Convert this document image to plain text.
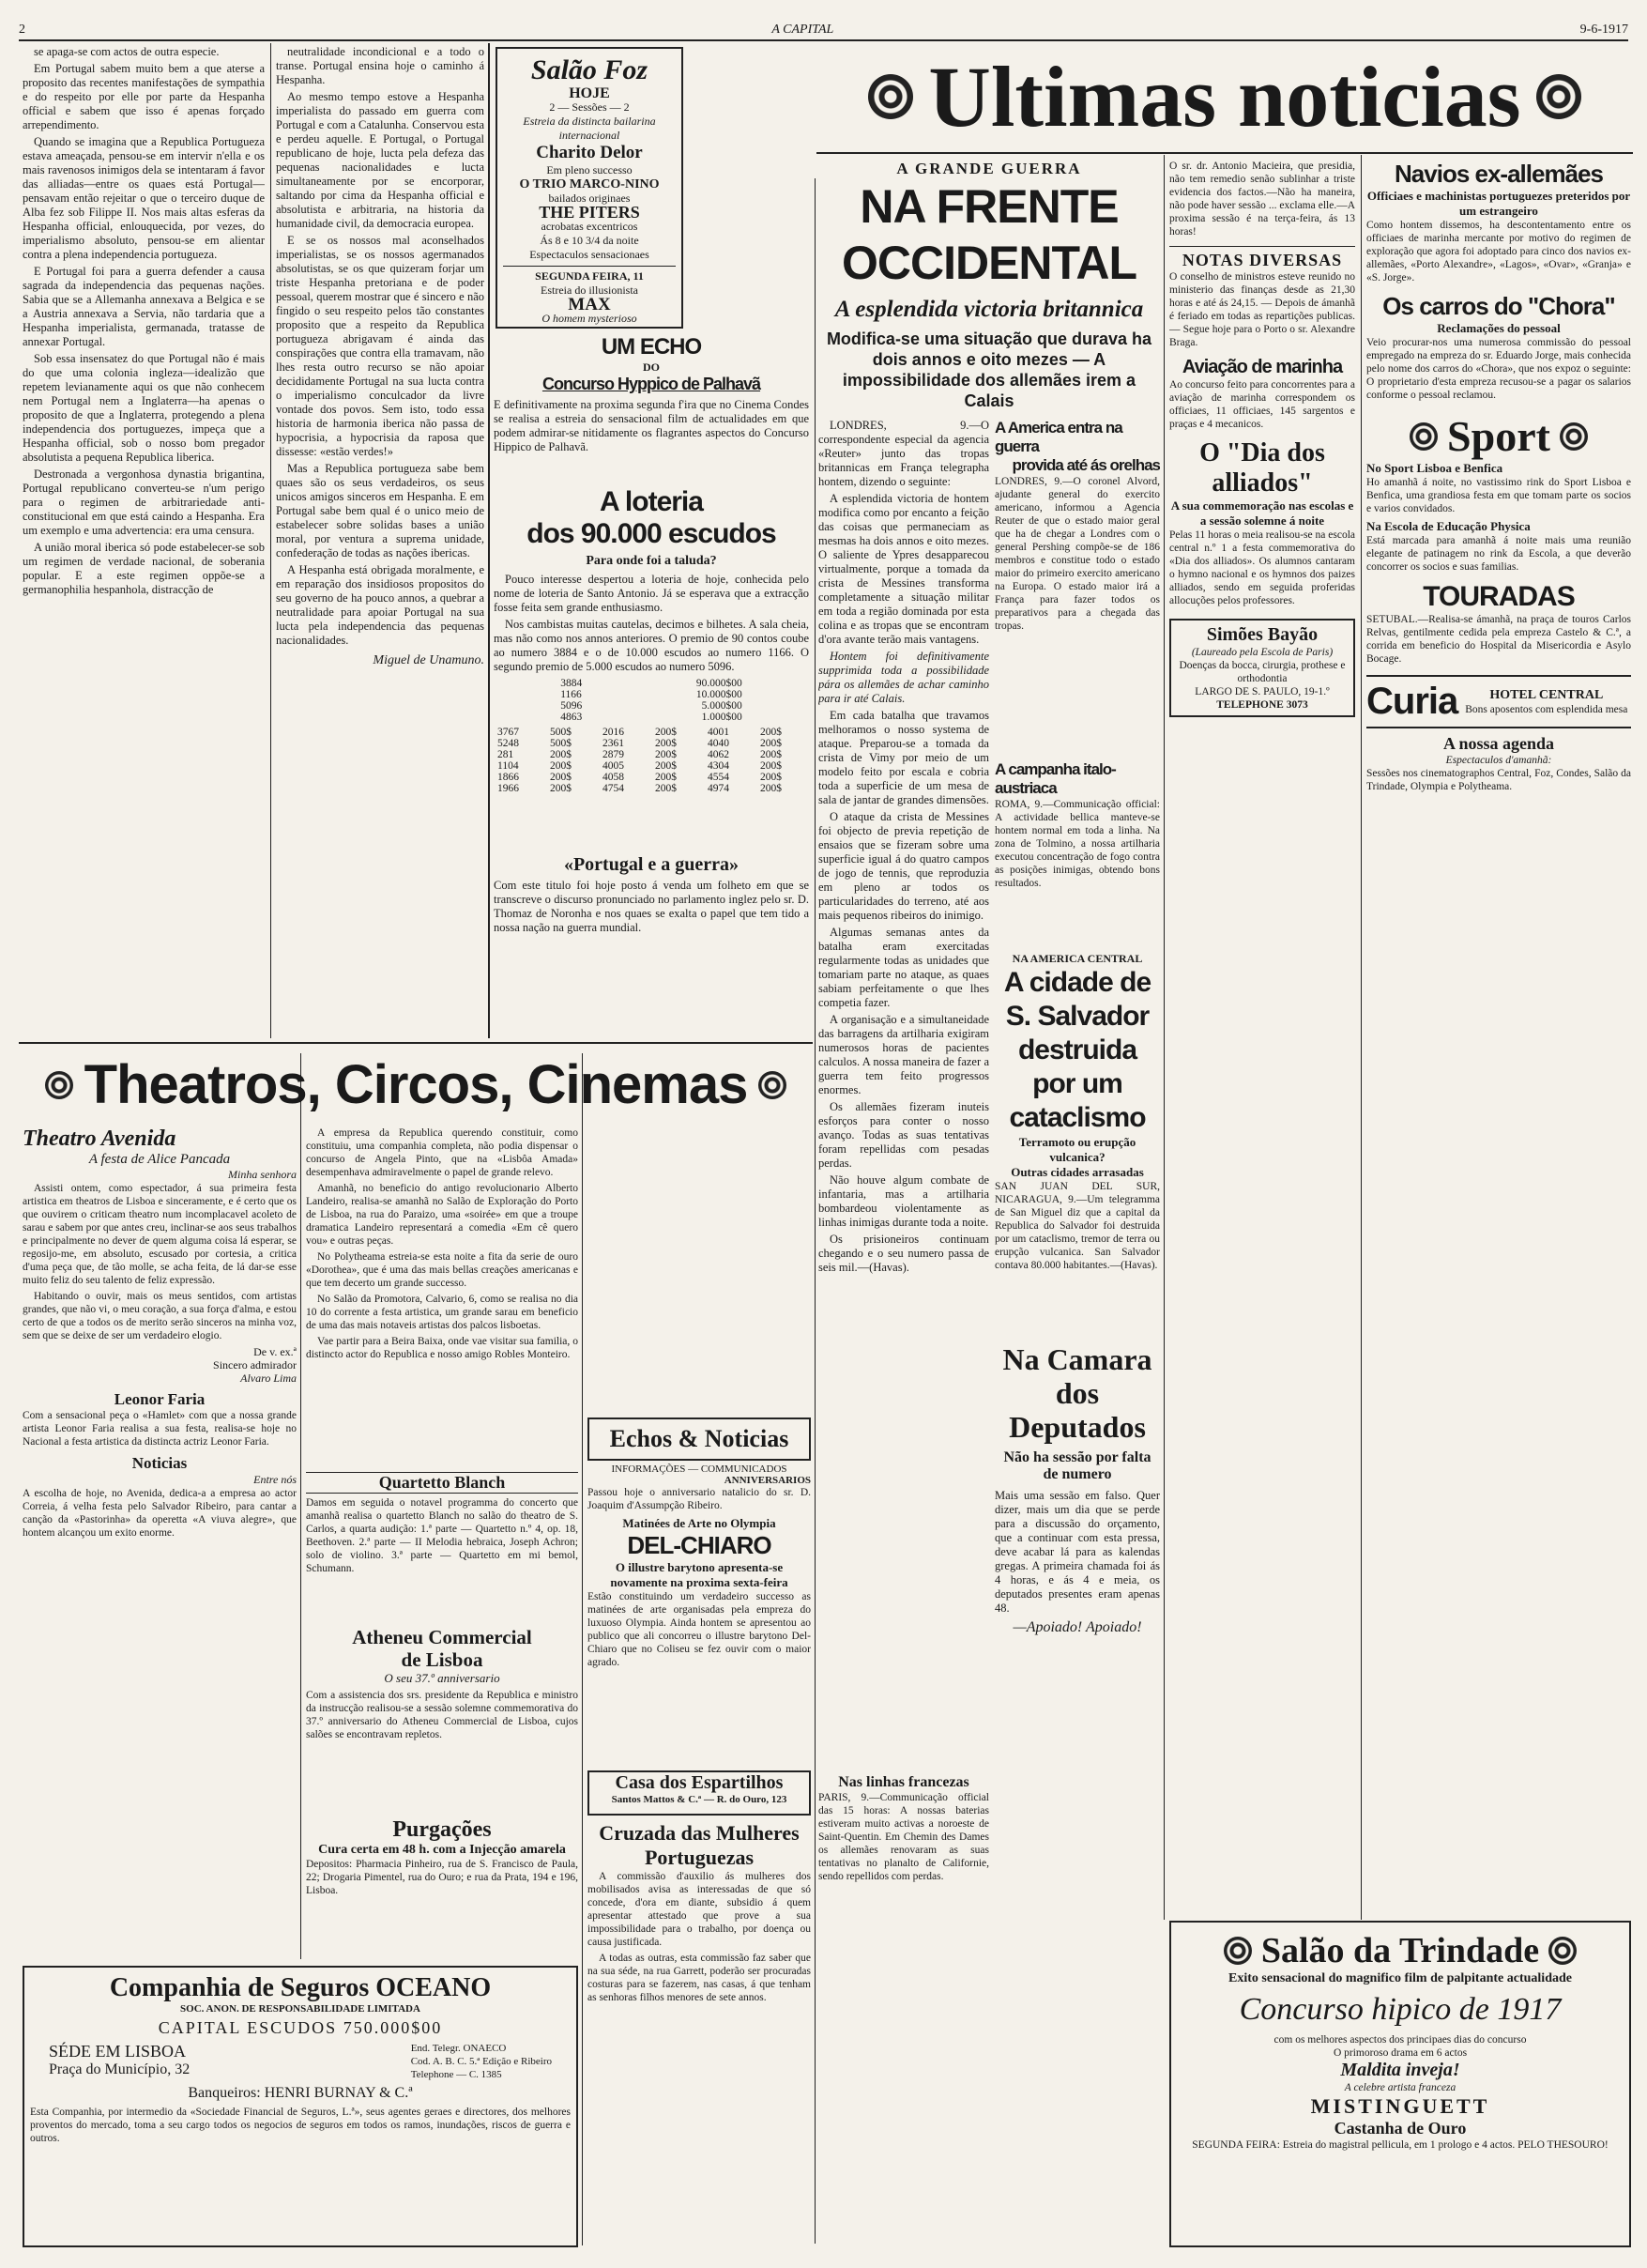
2	A CAPITAL	9-6-1917

se apaga-se com actos de outra especie.

Em Portugal sabem muito bem a que aterse a proposito das recentes manifestações de sympathia e do respeito por elle por parte da Hespanha official e sabem que isso é apenas forçado arrependimento.

Quando se imagina que a Republica Portugueza estava ameaçada, pensou-se em intervir n'ella e os mais ravenosos inimigos dela se intentaram á favor das alliadas—entre os quaes está Portugal—pensavam então rejeitar o que o terceiro duque de Alba fez sob Filippe II. Nos mais altas esferas da Hespanha official, enlouquecida, por vezes, do imperialismo absoluto, pensou-se em alientar contra a plena independencia portugueza.

E Portugal foi para a guerra defender a causa sagrada da independencia das pequenas nações. Sabia que se a Allemanha annexava a Belgica e se a Austria annexava a Servia, não tardaria que a Hespanha imperialista, germanada, tratasse de annexar Portugal.

Sob essa insensatez do que Portugal não é mais do que uma colonia ingleza—idealizão que repetem levianamente aqui os que não conhecem nem Portugal nem a Inglaterra—ha apenas o proposito de que a Inglaterra, protegendo a plena independencia dos portuguezes, impeça que a Hespanha official, sob o nosso bom pregador absolutista a pequena Republica liberica.

Destronada a vergonhosa dynastia brigantina, Portugal republicano converteu-se n'um perigo para o regimen de arbitrariedade anti-constitucional em que está caindo a Hespanha. Era um exemplo e uma advertencia: era uma censura.

A união moral iberica só pode estabelecer-se sob um regimen de verdade nacional, de soberania popular. E a este regimen oppõe-se a germanophilia hespanhola, distracção de

neutralidade incondicional e a todo o transe. Portugal ensina hoje o caminho á Hespanha.

Ao mesmo tempo estove a Hespanha imperialista do passado em guerra com Portugal e com a Catalunha. Conservou esta e perdeu aquelle. E Portugal, o Portugal republicano de hoje, lucta pela defeza das pequenas nacionalidades e lucta simultaneamente por se encorporar, saltando por cima da Hespanha official e absolutista e arbitraria, na historia da humanidade civil, da democracia europea.

E se os nossos mal aconselhados imperialistas, se os nossos agermanados absolutistas, se os que quizeram forjar um triste Hespanha pretoriana e de poder pessoal, querem mostrar que é sincero e não fingido o seu respeito pelos tão constantes proposito que a respeito da Republica portugueza abrigavam é ainda das conspirações que contra ella tramavam, não lhes resta outro recurso se não apoiar decididamente Portugal na sua lucta contra o imperialismo conculcador da livre vontade dos povos. Sem isto, todo essa historia de harmonia iberica não passa de hypocrisia, a hypocrisia da raposa que dissesse: «estão verdes!»

Mas a Republica portugueza sabe bem quaes são os seus verdadeiros, os seus unicos amigos sinceros em Hespanha. E em Portugal sabe bem qual é o unico meio de estabelecer sobre solidas bases a união moral, por ventura a suprema unidade, confederação de todas as nações ibericas.

A Hespanha está obrigada moralmente, e em reparação dos insidiosos propositos do seu governo de ha pouco annos, a quebrar a neutralidade para apoiar Portugal na sua lucta pela independencia das pequenas nacionalidades.

Miguel de Unamuno.
Salão Foz
HOJE
2 — Sessões — 2
Estreia da distincta bailarina internacional
Charito Delor
Em pleno successo
O TRIO MARCO-NINO
bailados originaes
THE PITERS
acrobatas excentricos
Ás 8 e 10 3/4 da noite
Espectaculos sensacionaes
SEGUNDA FEIRA, 11
Estreia do illusionista
MAX
O homem mysterioso
UM ECHO
DO
Concurso Hyppico de Palhavã
E definitivamente na proxima segunda f'ira que no Cinema Condes se realisa a estreia do sensacional film de actualidades em que podem admirar-se nitidamente os flagrantes aspectos do Concurso Hippico de Palhavã.
A loteria
dos 90.000 escudos
Para onde foi a taluda?

Pouco interesse despertou a loteria de hoje, conhecida pelo nome de loteria de Santo Antonio. Já se esperava que a extracção fosse feita sem grande enthusiasmo.

Nos cambistas muitas cautelas, decimos e bilhetes. A sala cheia, mas não como nos annos anteriores. O premio de 90 contos coube ao numero 3884 e o de 10.000 escudos ao numero 1166. O segundo premio de 5.000 escudos ao numero 5096.

3884	90.000$00
1166	10.000$00
5096	5.000$00
4863	1.000$00
3767	500$	2016	200$	4001	200$
5248	500$	2361	200$	4040	200$
281	200$	2879	200$	4062	200$
1104	200$	4005	200$	4304	200$
1866	200$	4058	200$	4554	200$
1966	200$	4754	200$	4974	200$
«Portugal e a guerra»
Com este titulo foi hoje posto á venda um folheto em que se transcreve o discurso pronunciado no parlamento inglez pelo sr. D. Thomaz de Noronha e nos quaes se exalta o papel que tem tido a nossa nação na guerra mundial.
Theatros, Circos, Cinemas
Theatro Avenida
A festa de Alice Pancada
Minha senhora

Assisti ontem, como espectador, á sua primeira festa artistica em theatros de Lisboa e sinceramente, e é certo que os que ouvirem o criticam theatro num incomplacavel acoleto de sarau e sabem por que antes creu, inclinar-se aos seus trabalhos e principalmente no dever de quem alguma coisa lá esperar, se regosijo-me, em absoluto, escusado por cortesia, a critica d'uma peça que, de tão molle, se acha feita, de lá dar-se esse muito feliz do seu talento de feliz expressão.

Habitando o ouvir, mais os meus sentidos, com artistas grandes, que não vi, o meu coração, a sua força d'alma, e estou certo de que a todos os de merito serão sinceros na minha voz, sem que se deixe de ser um verdadeiro elogio.

De v. ex.ª
Sincero admirador
Alvaro Lima
Leonor Faria
Com a sensacional peça o «Hamlet» com que a nossa grande artista Leonor Faria realisa a sua festa, realisa-se hoje no Nacional a festa artistica da distincta actriz Leonor Faria.
Noticias
Entre nós
A escolha de hoje, no Avenida, dedica-a a empresa ao actor Correia, á velha festa pelo Salvador Ribeiro, para cantar a canção da «Pastorinha» da operetta «A viuva alegre», que hontem alcançou um exito enorme.

A empresa da Republica querendo constituir, como constituiu, uma companhia completa, não podia dispensar o concurso de Angela Pinto, que na «Lisbôa Amada» desempenhava admiravelmente o papel de grande relevo.

Amanhã, no beneficio do antigo revolucionario Alberto Landeiro, realisa-se amanhã no Salão de Exploração do Porto de Lisboa, na rua do Paraizo, uma «soirée» em que a troupe dramatica Landeiro representará a comedia «Em cê quero vou» e outras peças.

No Polytheama estreia-se esta noite a fita da serie de ouro «Dorothea», que é uma das mais bellas creações americanas e que tem decerto um grande successo.

No Salão da Promotora, Calvario, 6, como se realisa no dia 10 do corrente a festa artistica, um grande sarau em beneficio de uma das mais notaveis artistas dos palcos lisboetas.

Vae partir para a Beira Baixa, onde vae visitar sua familia, o distincto actor do Republica e nosso amigo Robles Monteiro.

Quartetto Blanch
Damos em seguida o notavel programma do concerto que amanhã realisa o quartetto Blanch no salão do theatro de S. Carlos, a quarta audição: 1.ª parte — Quartetto n.º 4, op. 18, Beethoven. 2.ª parte — II Melodia hebraica, Joseph Achron; solo de violino. 3.ª parte — Quartetto em mi bemol, Schumann.
Atheneu Commercial
de Lisboa
O seu 37.º anniversario
Com a assistencia dos srs. presidente da Republica e ministro da instrucção realisou-se a sessão solemne commemorativa do 37.º anniversario do Atheneu Commercial de Lisboa, cujos salões se encontravam repletos.
Purgações
Cura certa em 48 h. com a Injecção amarela
Depositos: Pharmacia Pinheiro, rua de S. Francisco de Paula, 22; Drogaria Pimentel, rua do Ouro; e rua da Prata, 194 e 196, Lisboa.
Echos & Noticias
INFORMAÇÕES — COMMUNICADOS
ANNIVERSARIOS
Passou hoje o anniversario natalicio do sr. D. Joaquim d'Assumpção Ribeiro.
Matinées de Arte no Olympia
DEL-CHIARO
O illustre barytono apresenta-se novamente na proxima sexta-feira
Estão constituindo um verdadeiro successo as matinées de arte organisadas pela empreza do luxuoso Olympia. Ainda hontem se apresentou ao publico que ali concorreu o illustre barytono Del-Chiaro que no Coliseu se fez ouvir com o maior agrado.
Casa dos Espartilhos
Santos Mattos & C.ª — R. do Ouro, 123
Cruzada das Mulheres
Portuguezas

A commissão d'auxilio ás mulheres dos mobilisados avisa as interessadas de que só concede, d'ora em diante, subsidio á quem apresentar attestado que prove a sua impossibilidade para o trabalho, por doença ou causa justificada.

A todas as outras, esta commissão faz saber que na sua séde, na rua Garrett, poderão ser procuradas costuras para se fazerem, nas casas, á que tenham as senhoras filhos menores de sete annos.

Companhia de Seguros OCEANO
SOC. ANON. DE RESPONSABILIDADE LIMITADA
CAPITAL ESCUDOS 750.000$00
SÉDE EM LISBOA
Praça do Município, 32
End. Telegr. ONAECO
Cod. A. B. C. 5.ª Edição e Ribeiro
Telephone — C. 1385
Banqueiros: HENRI BURNAY & C.ª
Esta Companhia, por intermedio da «Sociedade Financial de Seguros, L.ª», seus agentes geraes e directores, dos melhores proventos do mercado, toma a seu cargo todos os negocios de seguros em todos os ramos, inundações, riscos de guerra e outros.
Ultimas noticias
A GRANDE GUERRA
NA FRENTE OCCIDENTAL
A esplendida victoria britannica
Modifica-se uma situação que durava ha dois annos e oito mezes — A impossibilidade dos allemães irem a Calais

LONDRES, 9.—O correspondente especial da agencia «Reuter» junto das tropas britannicas em França telegrapha hontem, dizendo o seguinte:

A esplendida victoria de hontem modifica como por encanto a feição das coisas que permaneciam as mesmas ha dois annos e oito mezes. O saliente de Ypres desapparecou virtualmente, porque a tomada da crista de Messines transforma completamente a situação militar em toda a região dominada por esta colina e as tropas que se encontram d'ora avante terão mais vantagens.

Hontem foi definitivamente supprimida toda a possibilidade pára os allemães de achar caminho para ir até Calais.

Em cada batalha que travamos melhoramos o nosso systema de ataque. Preparou-se a tomada da crista de Vimy por meio de um modelo feito por escala e cobria toda a superficie de um mesa de sala de jantar de grandes dimensões.

O ataque da crista de Messines foi objecto de previa repetição de ensaios que se fizeram sobre uma superficie igual á do quatro campos de jogo de tennis, que reproduzia em pleno ar todos os particularidades do terreno, até aos mais pequenos ribeiros do inimigo.

Algumas semanas antes da batalha eram exercitadas regularmente todas as unidades que tomariam parte no ataque, as quaes sabiam perfeitamente o que lhes competia fazer.

A organisação e a simultaneidade das barragens da artilharia exigiram numerosos horas de pacientes calculos. A nossa maneira de fazer a guerra tem feito progressos enormes.

Os allemães fizeram inuteis esforços para conter o nosso avanço. Todas as suas tentativas foram repellidas com pesadas perdas.

Não houve algum combate de infantaria, mas a artilharia bombardeou violentamente as linhas inimigas durante toda a noite.

Os prisioneiros continuam chegando e o seu numero passa de seis mil.—(Havas).

Nas linhas francezas
PARIS, 9.—Communicação official das 15 horas: A nossas baterias estiveram muito activas a noroeste de Saint-Quentin. Em Chemin des Dames os allemães renovaram as suas tentativas no planalto de Californie, sendo repellidos com perdas.
A America entra na guerra
provida até ás orelhas
LONDRES, 9.—O coronel Alvord, ajudante general do exercito americano, informou a Agencia Reuter de que o estado maior geral que ha de chegar a Londres com o general Pershing compõe-se de 186 membros e constitue todo o estado maior do primeiro exercito americano na Europa. O estado maior irá a França para fazer todos os preparativos para a chegada das tropas.
A campanha italo-austriaca
ROMA, 9.—Communicação official: A actividade bellica manteve-se hontem normal em toda a linha. Na zona de Tolmino, a nossa artilharia executou concentração de fogo contra as posições inimigas, obtendo bons resultados.
NA AMERICA CENTRAL
A cidade de S. Salvador destruida por um cataclismo
Terramoto ou erupção vulcanica?
Outras cidades arrasadas
SAN JUAN DEL SUR, NICARAGUA, 9.—Um telegramma de San Miguel diz que a capital da Republica do Salvador foi destruida por um cataclismo, tremor de terra ou erupção vulcanica. San Salvador contava 80.000 habitantes.—(Havas).
Na Camara
dos Deputados
Não ha sessão por falta de numero
Mais uma sessão em falso. Quer dizer, mais um dia que se perde para a discussão do orçamento, que a continuar com esta pressa, deve acabar lá para as kalendas gregas. A primeira chamada foi ás 4 horas, e ás 4 e meia, os deputados presentes eram apenas 48.
—Apoiado! Apoiado!
O sr. dr. Antonio Macieira, que presidia, não tem remedio senão sublinhar a triste evidencia dos factos.—Não ha maneira, não pode haver sessão ... exclama elle.—A proxima sessão é na terça-feira, ás 13 horas!
NOTAS DIVERSAS
O conselho de ministros esteve reunido no ministerio das finanças desde as 21,30 horas e até ás 24,15. — Depois de ámanhã é feriado em todas as repartições publicas. — Segue hoje para o Porto o sr. Alexandre Braga.
Aviação de marinha
Ao concurso feito para concorrentes para a aviação de marinha correspondem os officiaes, 11 officiaes, 145 sargentos e praças e 4 mecanicos.
O "Dia dos alliados"
A sua commemoração nas escolas e a sessão solemne á noite
Pelas 11 horas o meia realisou-se na escola central n.º 1 a festa commemorativa do «Dia dos alliados». Os alumnos cantaram o hymno nacional e os hymnos dos paizes alliados, sendo em seguida proferidas allocuções pelos professores.
Simões Bayão
(Laureado pela Escola de Paris)
Doenças da bocca, cirurgia, prothese e orthodontia
LARGO DE S. PAULO, 19-1.º
TELEPHONE 3073
Navios ex-allemães
Officiaes e machinistas portuguezes preteridos por um estrangeiro
Como hontem dissemos, ha descontentamento entre os officiaes de marinha mercante por motivo do regimen de exploração que agora foi adoptado para cinco dos navios ex-allemães, «Porto Alexandre», «Lagos», «Ovar», «Granja» e «S. Jorge».
Os carros do "Chora"
Reclamações do pessoal
Veio procurar-nos uma numerosa commissão do pessoal empregado na empreza do sr. Eduardo Jorge, mais conhecida pelo nome dos carros do «Chora», que nos expoz o seguinte: O proprietario d'esta empreza recusou-se a pagar os salarios conforme o pessoal reclamou.
Sport
No Sport Lisboa e Benfica
Ho amanhã á noite, no vastissimo rink do Sport Lisboa e Benfica, uma grandiosa festa em que tomam parte os socios e varios convidados.
Na Escola de Educação Physica
Está marcada para amanhã á noite mais uma reunião elegante de patinagem no rink da Escola, a que deverão concorrer os socios e suas familias.
TOURADAS
SETUBAL.—Realisa-se ámanhã, na praça de touros Carlos Relvas, gentilmente cedida pela empreza Castelo & C.ª, a corrida em beneficio do Hospital da Misericordia e Asylo Bocage.
Curia	HOTEL CENTRAL
Bons aposentos com esplendida mesa
A nossa agenda
Espectaculos d'amanhã:
Sessões nos cinematographos Central, Foz, Condes, Salão da Trindade, Olympia e Polytheama.
Salão da Trindade
Exito sensacional do magnifico film de palpitante actualidade
Concurso hipico de 1917
com os melhores aspectos dos principaes dias do concurso
O primoroso drama em 6 actos
Maldita inveja!
A celebre artista franceza
MISTINGUETT
Castanha de Ouro
SEGUNDA FEIRA: Estreia do magistral pellicula, em 1 prologo e 4 actos. PELO THESOURO!
